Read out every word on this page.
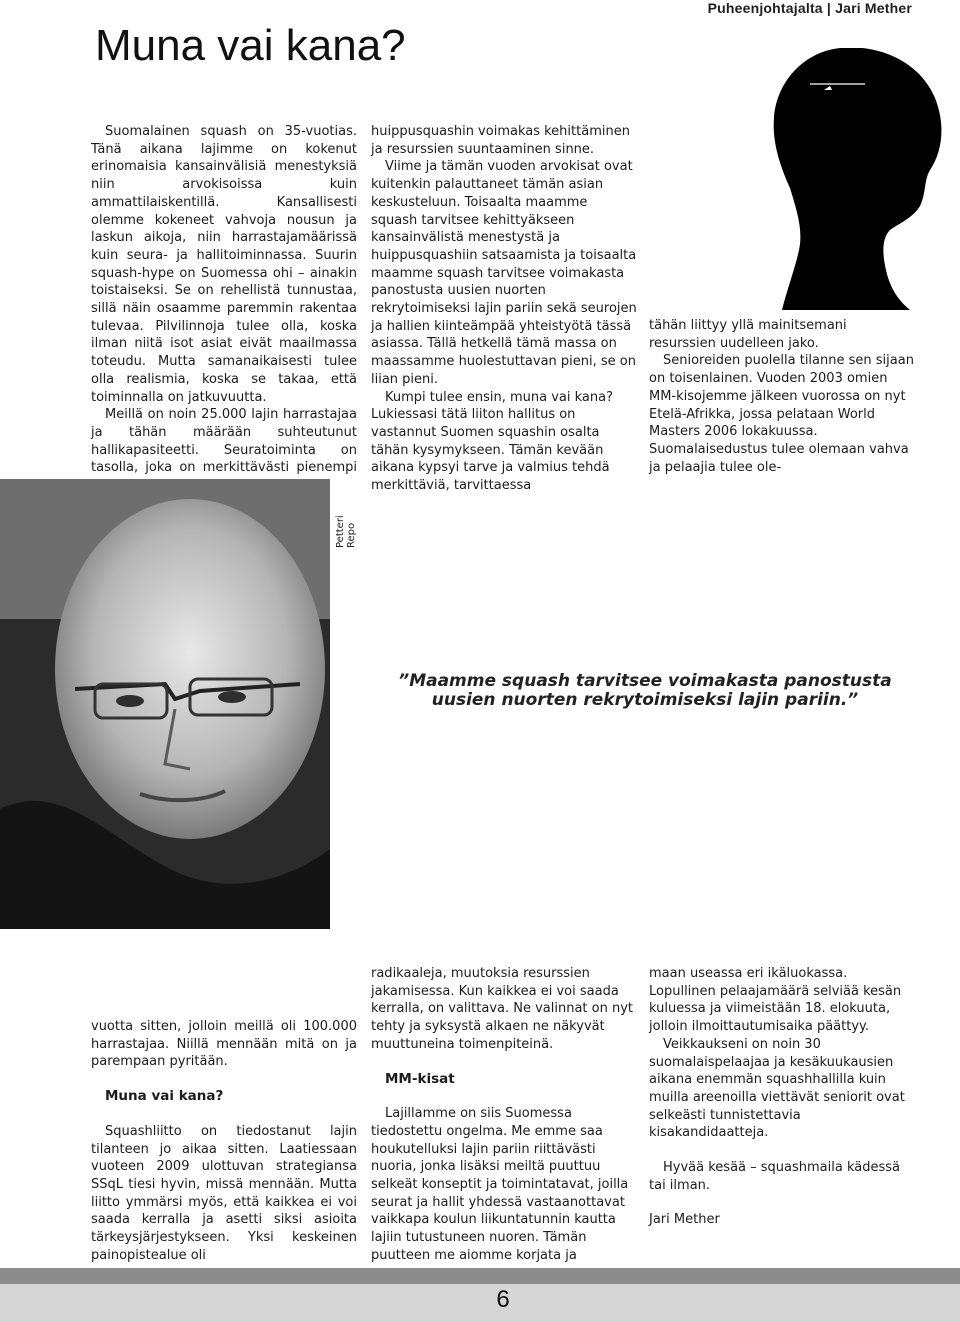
Puheenjohtajalta | Jari Mether
Muna vai kana?

Suomalainen squash on 35-vuotias. Tänä aikana lajimme on kokenut erinomaisia kansainvälisiä menestyksiä niin arvokisoissa kuin ammattilaiskentillä. Kansallisesti olemme kokeneet vahvoja nousun ja laskun aikoja, niin harrastajamäärissä kuin seura- ja hallitoiminnassa. Suurin squash-hype on Suomessa ohi – ainakin toistaiseksi. Se on rehellistä tunnustaa, sillä näin osaamme paremmin rakentaa tulevaa. Pilvilinnoja tulee olla, koska ilman niitä isot asiat eivät maailmassa toteudu. Mutta samanaikaisesti tulee olla realismia, koska se takaa, että toiminnalla on jatkuvuutta.

Meillä on noin 25.000 lajin harrastajaa ja tähän määrään suhteutunut hallikapasiteetti. Seuratoiminta on tasolla, joka on merkittävästi pienempi

huippusquashin voimakas kehittäminen ja resurssien suuntaaminen sinne.

Viime ja tämän vuoden arvokisat ovat kuitenkin palauttaneet tämän asian keskusteluun. Toisaalta maamme squash tarvitsee kehittyäkseen kansainvälistä menestystä ja huippusquashiin satsaamista ja toisaalta maamme squash tarvitsee voimakasta panostusta uusien nuorten rekrytoimiseksi lajin pariin sekä seurojen ja hallien kiinteämpää yhteistyötä tässä asiassa. Tällä hetkellä tämä massa on maassamme huolestuttavan pieni, se on liian pieni.

Kumpi tulee ensin, muna vai kana? Lukiessasi tätä liiton hallitus on vastannut Suomen squashin osalta tähän kysymykseen. Tämän kevään aikana kypsyi tarve ja valmius tehdä merkittäviä, tarvittaessa

tähän liittyy yllä mainitsemani resurssien uudelleen jako.

Senioreiden puolella tilanne sen sijaan on toisenlainen. Vuoden 2003 omien MM-kisojemme jälkeen vuorossa on nyt Etelä-Afrikka, jossa pelataan World Masters 2006 lokakuussa. Suomalaisedustus tulee olemaan vahva ja pelaajia tulee ole-

Petteri Repo
”Maamme squash tarvitsee voimakasta panostusta uusien nuorten rekrytoimiseksi lajin pariin.”

vuotta sitten, jolloin meillä oli 100.000 harrastajaa. Niillä mennään mitä on ja parempaan pyritään.

Muna vai kana?

Squashliitto on tiedostanut lajin tilanteen jo aikaa sitten. Laatiessaan vuoteen 2009 ulottuvan strategiansa SSqL tiesi hyvin, missä mennään. Mutta liitto ymmärsi myös, että kaikkea ei voi saada kerralla ja asetti siksi asioita tärkeysjärjestykseen. Yksi keskeinen painopistealue oli

radikaaleja, muutoksia resurssien jakamisessa. Kun kaikkea ei voi saada kerralla, on valittava. Ne valinnat on nyt tehty ja syksystä alkaen ne näkyvät muuttuneina toimenpiteinä.

MM-kisat

Lajillamme on siis Suomessa tiedostettu ongelma. Me emme saa houkutelluksi lajin pariin riittävästi nuoria, jonka lisäksi meiltä puuttuu selkeät konseptit ja toimintatavat, joilla seurat ja hallit yhdessä vastaanottavat vaikkapa koulun liikuntatunnin kautta lajiin tutustuneen nuoren. Tämän puutteen me aiomme korjata ja

maan useassa eri ikäluokassa. Lopullinen pelaajamäärä selviää kesän kuluessa ja viimeistään 18. elokuuta, jolloin ilmoittautumisaika päättyy.

Veikkaukseni on noin 30 suomalaispelaajaa ja kesäkuukausien aikana enemmän squashhallilla kuin muilla areenoilla viettävät seniorit ovat selkeästi tunnistettavia kisakandidaatteja.

Hyvää kesää – squashmaila kädessä tai ilman.

Jari Mether

6
